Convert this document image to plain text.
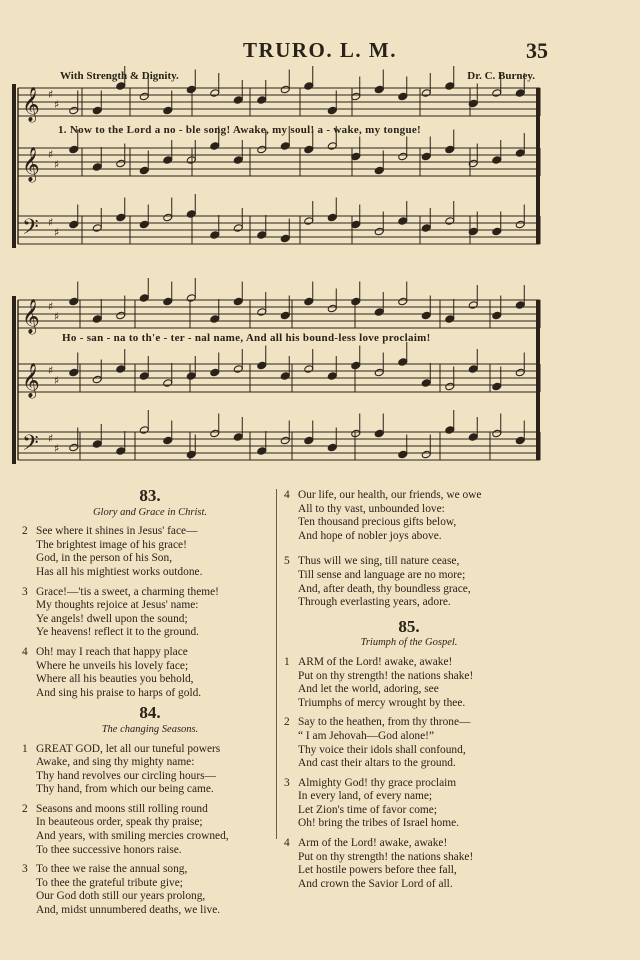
TRURO. L. M.	35
𝄞
𝄞
𝄢
♯
♯
♯
♯
♯
♯
𝄞
𝄞
𝄢
♯
♯
♯
♯
♯
♯
With Strength & Dignity.	Dr. C. Burney.
1. Now to the Lord a no - ble song! Awake, my soul! a - wake, my tongue!
Ho - san - na to th'e - ter - nal name, And all his bound-less love proclaim!
83.
Glory and Grace in Christ.
2 See where it shines in Jesus' face—
The brightest image of his grace!
God, in the person of his Son,
Has all his mightiest works outdone.
3 Grace!—'tis a sweet, a charming theme!
My thoughts rejoice at Jesus' name:
Ye angels! dwell upon the sound;
Ye heavens! reflect it to the ground.
4 Oh! may I reach that happy place
Where he unveils his lovely face;
Where all his beauties you behold,
And sing his praise to harps of gold.
84.
The changing Seasons.
1 GREAT GOD, let all our tuneful powers
Awake, and sing thy mighty name:
Thy hand revolves our circling hours—
Thy hand, from which our being came.
2 Seasons and moons still rolling round
In beauteous order, speak thy praise;
And years, with smiling mercies crowned,
To thee successive honors raise.
3 To thee we raise the annual song,
To thee the grateful tribute give;
Our God doth still our years prolong,
And, midst unnumbered deaths, we live.
4 Our life, our health, our friends, we owe
All to thy vast, unbounded love:
Ten thousand precious gifts below,
And hope of nobler joys above.
5 Thus will we sing, till nature cease,
Till sense and language are no more;
And, after death, thy boundless grace,
Through everlasting years, adore.
85.
Triumph of the Gospel.
1 ARM of the Lord! awake, awake!
Put on thy strength! the nations shake!
And let the world, adoring, see
Triumphs of mercy wrought by thee.
2 Say to the heathen, from thy throne—
“ I am Jehovah—God alone!”
Thy voice their idols shall confound,
And cast their altars to the ground.
3 Almighty God! thy grace proclaim
In every land, of every name;
Let Zion's time of favor come;
Oh! bring the tribes of Israel home.
4 Arm of the Lord! awake, awake!
Put on thy strength! the nations shake!
Let hostile powers before thee fall,
And crown the Savior Lord of all.
